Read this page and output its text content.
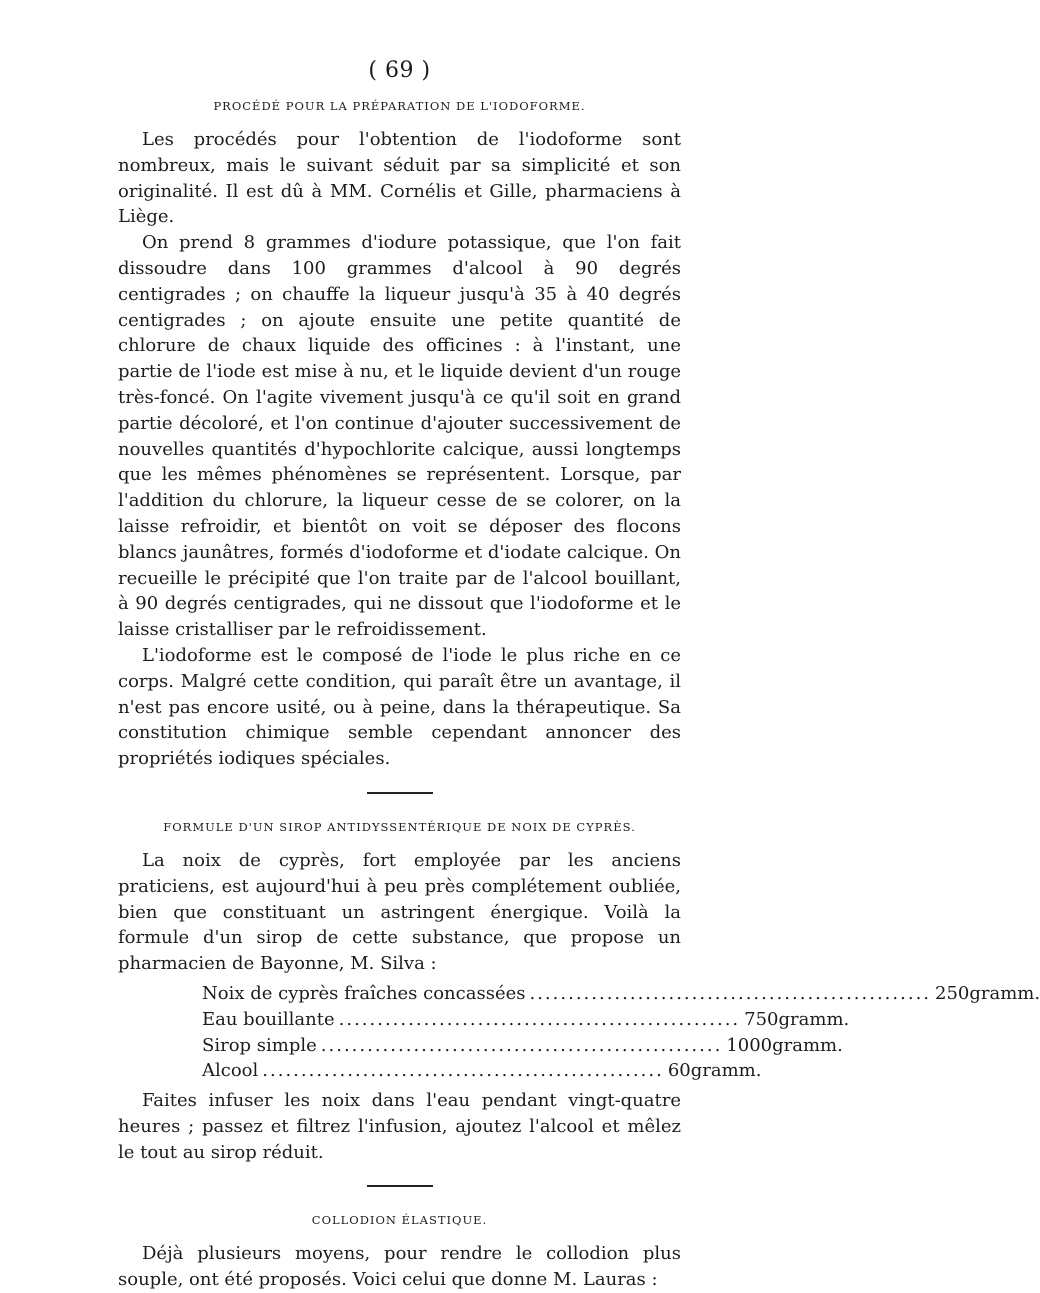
( 69 )
PROCÉDÉ POUR LA PRÉPARATION DE L'IODOFORME.

Les procédés pour l'obtention de l'iodoforme sont nombreux, mais le suivant séduit par sa simplicité et son originalité. Il est dû à MM. Cornélis et Gille, pharmaciens à Liège.

On prend 8 grammes d'iodure potassique, que l'on fait dissoudre dans 100 grammes d'alcool à 90 degrés centigrades ; on chauffe la liqueur jusqu'à 35 à 40 degrés centigrades ; on ajoute ensuite une petite quantité de chlorure de chaux liquide des officines : à l'instant, une partie de l'iode est mise à nu, et le liquide devient d'un rouge très-foncé. On l'agite vivement jusqu'à ce qu'il soit en grand partie décoloré, et l'on continue d'ajouter successivement de nouvelles quantités d'hypochlorite calcique, aussi longtemps que les mêmes phénomènes se représentent. Lorsque, par l'addition du chlorure, la liqueur cesse de se colorer, on la laisse refroidir, et bientôt on voit se déposer des flocons blancs jaunâtres, formés d'iodoforme et d'iodate calcique. On recueille le précipité que l'on traite par de l'alcool bouillant, à 90 degrés centigrades, qui ne dissout que l'iodoforme et le laisse cristalliser par le refroidissement.

L'iodoforme est le composé de l'iode le plus riche en ce corps. Malgré cette condition, qui paraît être un avantage, il n'est pas encore usité, ou à peine, dans la thérapeutique. Sa constitution chimique semble cependant annoncer des propriétés iodiques spéciales.

FORMULE D'UN SIROP ANTIDYSSENTÉRIQUE DE NOIX DE CYPRÈS.

La noix de cyprès, fort employée par les anciens praticiens, est aujourd'hui à peu près complétement oubliée, bien que constituant un astringent énergique. Voilà la formule d'un sirop de cette substance, que propose un pharmacien de Bayonne, M. Silva :

Noix de cyprès fraîches concassées .................................................... 250 gramm.
Eau bouillante .................................................... 750 gramm.
Sirop simple .................................................... 1000 gramm.
Alcool .................................................... 60 gramm.

Faites infuser les noix dans l'eau pendant vingt-quatre heures ; passez et filtrez l'infusion, ajoutez l'alcool et mêlez le tout au sirop réduit.

COLLODION ÉLASTIQUE.

Déjà plusieurs moyens, pour rendre le collodion plus souple, ont été proposés. Voici celui que donne M. Lauras :
